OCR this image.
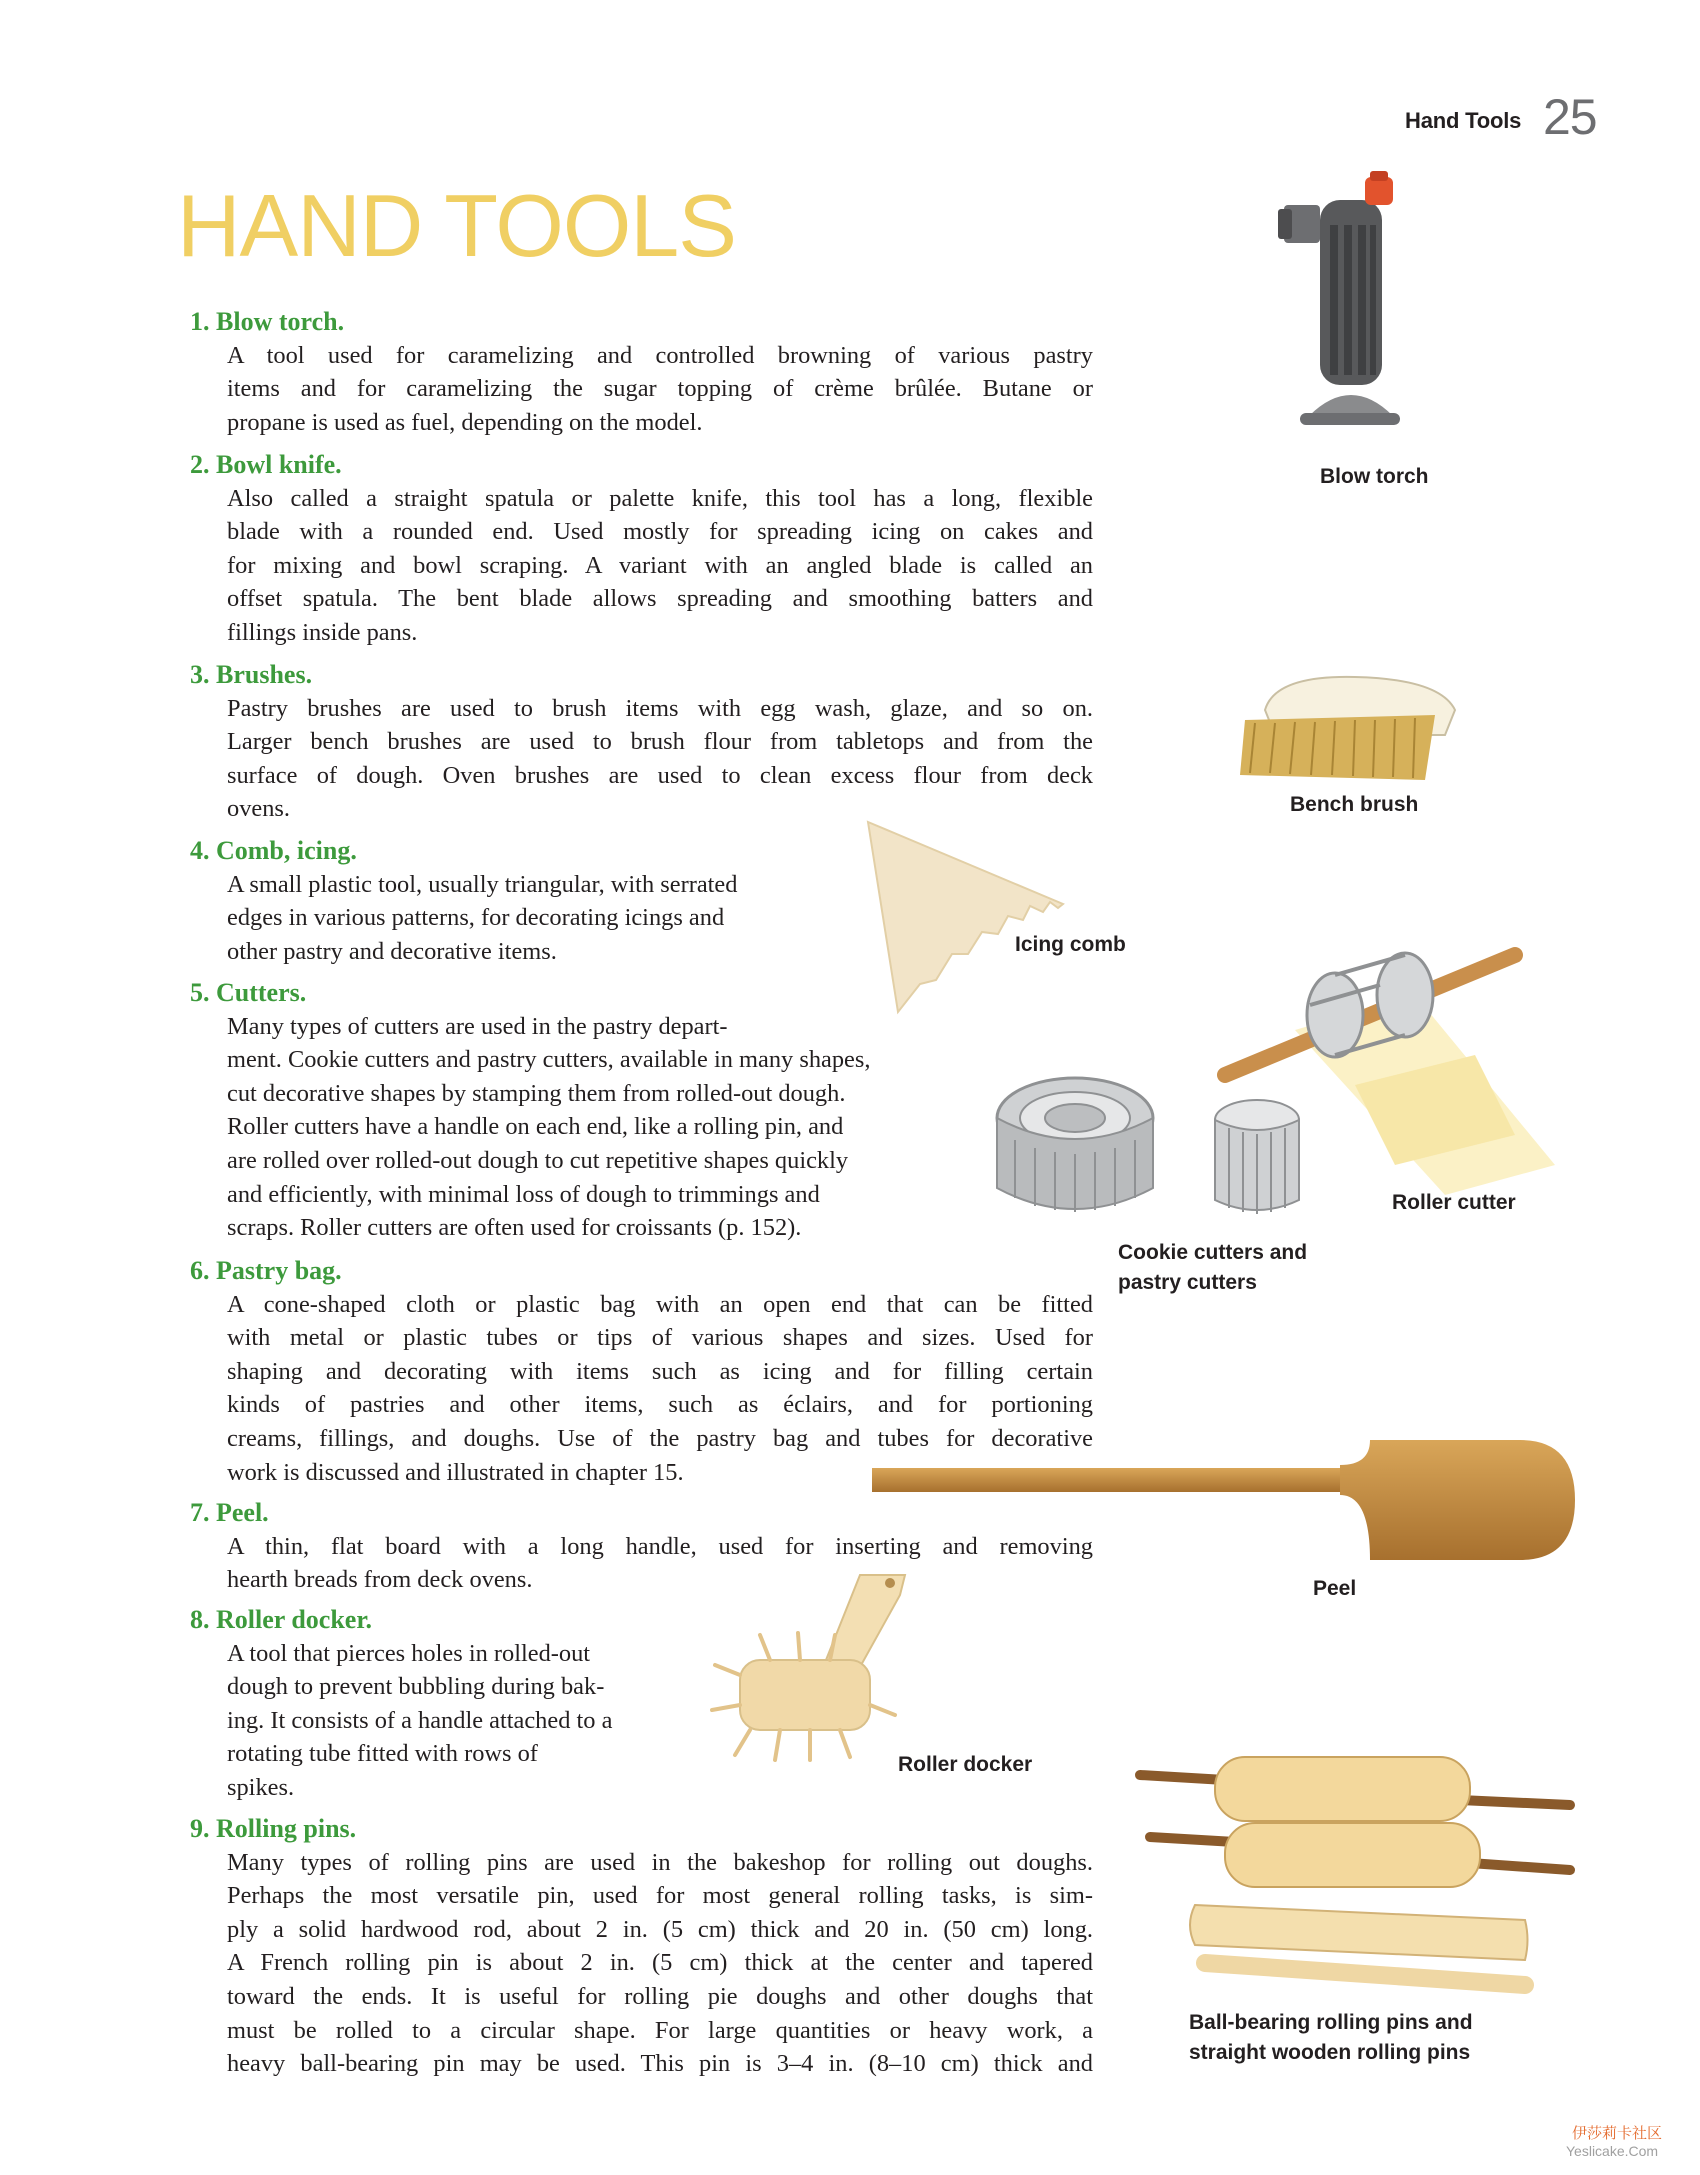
Hand Tools 25
HAND TOOLS
1. Blow torch.
A tool used for caramelizing and controlled browning of various pastry
items and for caramelizing the sugar topping of crème brûlée. Butane or
propane is used as fuel, depending on the model.
2. Bowl knife.
Also called a straight spatula or palette knife, this tool has a long, flexible
blade with a rounded end. Used mostly for spreading icing on cakes and
for mixing and bowl scraping. A variant with an angled blade is called an
offset spatula. The bent blade allows spreading and smoothing batters and
fillings inside pans.
3. Brushes.
Pastry brushes are used to brush items with egg wash, glaze, and so on.
Larger bench brushes are used to brush flour from tabletops and from the
surface of dough. Oven brushes are used to clean excess flour from deck
ovens.
4. Comb, icing.
A small plastic tool, usually triangular, with serrated
edges in various patterns, for decorating icings and
other pastry and decorative items.
5. Cutters.
Many types of cutters are used in the pastry depart-
ment. Cookie cutters and pastry cutters, available in many shapes,
cut decorative shapes by stamping them from rolled-out dough.
Roller cutters have a handle on each end, like a rolling pin, and
are rolled over rolled-out dough to cut repetitive shapes quickly
and efficiently, with minimal loss of dough to trimmings and
scraps. Roller cutters are often used for croissants (p. 152).
6. Pastry bag.
A cone-shaped cloth or plastic bag with an open end that can be fitted
with metal or plastic tubes or tips of various shapes and sizes. Used for
shaping and decorating with items such as icing and for filling certain
kinds of pastries and other items, such as éclairs, and for portioning
creams, fillings, and doughs. Use of the pastry bag and tubes for decorative
work is discussed and illustrated in chapter 15.
7. Peel.
A thin, flat board with a long handle, used for inserting and removing
hearth breads from deck ovens.
8. Roller docker.
A tool that pierces holes in rolled-out
dough to prevent bubbling during bak-
ing. It consists of a handle attached to a
rotating tube fitted with rows of
spikes.
9. Rolling pins.
Many types of rolling pins are used in the bakeshop for rolling out doughs.
Perhaps the most versatile pin, used for most general rolling tasks, is sim-
ply a solid hardwood rod, about 2 in. (5 cm) thick and 20 in. (50 cm) long.
A French rolling pin is about 2 in. (5 cm) thick at the center and tapered
toward the ends. It is useful for rolling pie doughs and other doughs that
must be rolled to a circular shape. For large quantities or heavy work, a
heavy ball-bearing pin may be used. This pin is 3–4 in. (8–10 cm) thick and
Blow torch
Bench brush
Icing comb
Roller cutter
Cookie cutters and
pastry cutters
Peel
Roller docker
Ball-bearing rolling pins and
straight wooden rolling pins
伊莎莉卡社区
Yeslicake.Com
